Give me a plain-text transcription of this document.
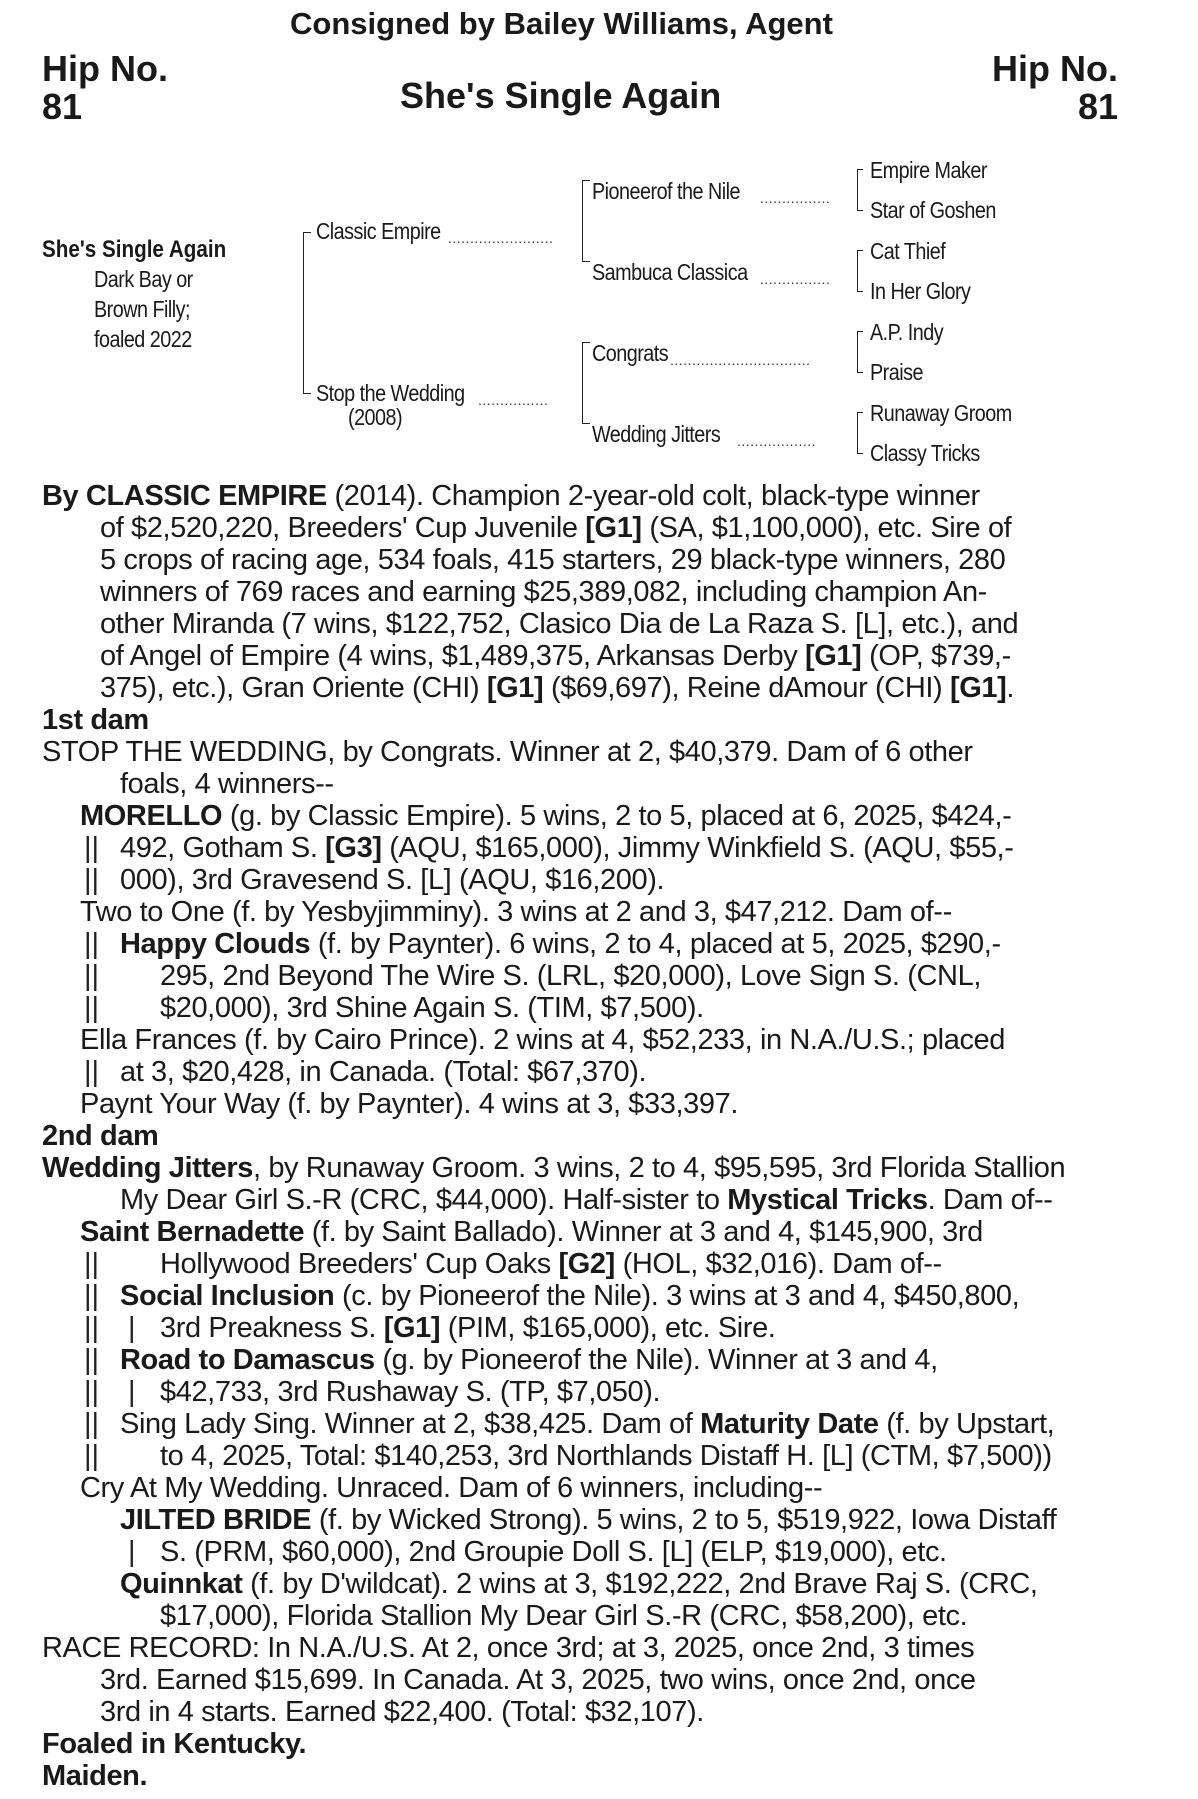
Consigned by Bailey Williams, Agent
Hip No.
81
Hip No.
81
She's Single Again
She's Single Again
Dark Bay or
Brown Filly;
foaled 2022
Classic Empire ........................
Stop the Wedding ................
(2008)
Pioneerof the Nile ................
Sambuca Classica ................
Congrats ................................
Wedding Jitters ..................
Empire Maker
Star of Goshen
Cat Thief
In Her Glory
A.P. Indy
Praise
Runaway Groom
Classy Tricks
By CLASSIC EMPIRE (2014). Champion 2-year-old colt, black-type winner
of $2,520,220, Breeders' Cup Juvenile [G1] (SA, $1,100,000), etc. Sire of
5 crops of racing age, 534 foals, 415 starters, 29 black-type winners, 280
winners of 769 races and earning $25,389,082, including champion An-
other Miranda (7 wins, $122,752, Clasico Dia de La Raza S. [L], etc.), and
of Angel of Empire (4 wins, $1,489,375, Arkansas Derby [G1] (OP, $739,-
375), etc.), Gran Oriente (CHI) [G1] ($69,697), Reine dAmour (CHI) [G1].
1st dam
STOP THE WEDDING, by Congrats. Winner at 2, $40,379. Dam of 6 other
foals, 4 winners--
MORELLO (g. by Classic Empire). 5 wins, 2 to 5, placed at 6, 2025, $424,-
||
||
492, Gotham S. [G3] (AQU, $165,000), Jimmy Winkfield S. (AQU, $55,-
000), 3rd Gravesend S. [L] (AQU, $16,200).
Two to One (f. by Yesbyjimminy). 3 wins at 2 and 3, $47,212. Dam of--
||
||
||
Happy Clouds (f. by Paynter). 6 wins, 2 to 4, placed at 5, 2025, $290,-
295, 2nd Beyond The Wire S. (LRL, $20,000), Love Sign S. (CNL,
$20,000), 3rd Shine Again S. (TIM, $7,500).
Ella Frances (f. by Cairo Prince). 2 wins at 4, $52,233, in N.A./U.S.; placed
|| at 3, $20,428, in Canada. (Total: $67,370).
Paynt Your Way (f. by Paynter). 4 wins at 3, $33,397.
2nd dam
Wedding Jitters, by Runaway Groom. 3 wins, 2 to 4, $95,595, 3rd Florida Stallion
My Dear Girl S.-R (CRC, $44,000). Half-sister to Mystical Tricks. Dam of--
Saint Bernadette (f. by Saint Ballado). Winner at 3 and 4, $145,900, 3rd
||
||
||
||
||
||
||
Hollywood Breeders' Cup Oaks [G2] (HOL, $32,016). Dam of--
Social Inclusion (c. by Pioneerof the Nile). 3 wins at 3 and 4, $450,800,
| 3rd Preakness S. [G1] (PIM, $165,000), etc. Sire.
Road to Damascus (g. by Pioneerof the Nile). Winner at 3 and 4,
| $42,733, 3rd Rushaway S. (TP, $7,050).
Sing Lady Sing. Winner at 2, $38,425. Dam of Maturity Date (f. by Upstart,
to 4, 2025, Total: $140,253, 3rd Northlands Distaff H. [L] (CTM, $7,500))
Cry At My Wedding. Unraced. Dam of 6 winners, including--
JILTED BRIDE (f. by Wicked Strong). 5 wins, 2 to 5, $519,922, Iowa Distaff
| S. (PRM, $60,000), 2nd Groupie Doll S. [L] (ELP, $19,000), etc.
Quinnkat (f. by D'wildcat). 2 wins at 3, $192,222, 2nd Brave Raj S. (CRC,
$17,000), Florida Stallion My Dear Girl S.-R (CRC, $58,200), etc.
RACE RECORD: In N.A./U.S. At 2, once 3rd; at 3, 2025, once 2nd, 3 times
3rd. Earned $15,699. In Canada. At 3, 2025, two wins, once 2nd, once
3rd in 4 starts. Earned $22,400. (Total: $32,107).
Foaled in Kentucky.
Maiden.
